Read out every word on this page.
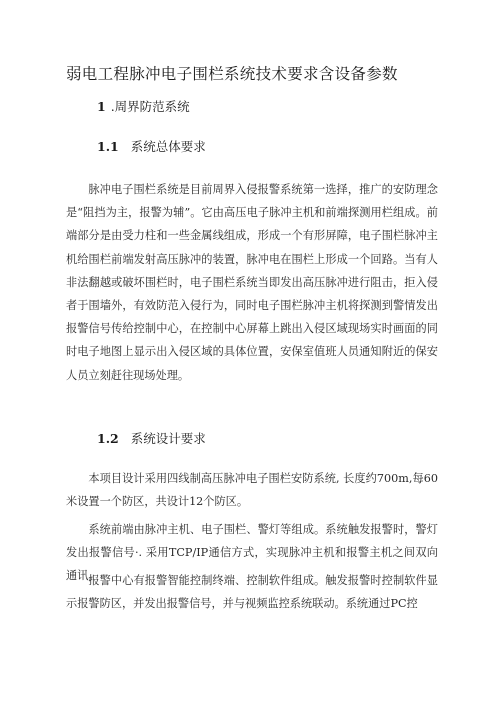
弱电工程脉冲电子围栏系统技术要求含设备参数
1 .周界防范系统
1.1 系统总体要求

脉冲电子围栏系统是目前周界入侵报警系统第一选择，推广的安防理念是“阻挡为主，报警为辅”。它由高压电子脉冲主机和前端探测用栏组成。前端部分是由受力柱和一些金属线组成，形成一个有形屏障，电子围栏脉冲主机给围栏前端发射高压脉冲的装置，脉冲电在围栏上形成一个回路。当有人非法翻越或破坏围栏时，电子围栏系统当即发出高压脉冲进行阻击，拒入侵者于围墙外，有效防范入侵行为，同时电子围栏脉冲主机将探测到警情发出报警信号传给控制中心，在控制中心屏幕上跳出入侵区域现场实时画面的同时电子地图上显示出入侵区域的具体位置，安保室值班人员通知附近的保安人员立刻赶往现场处理。

1.2 系统设计要求

本项目设计采用四线制高压脉冲电子围栏安防系统, 长度约700m,每60米设置一个防区，共设计12个防区。

系统前端由脉冲主机、电子围栏、警灯等组成。系统触发报警时，警灯发出报警信号·. 采用TCP/IP通信方式，实现脉冲主机和报警主机之间双向通讯。

报警中心有报警智能控制终端、控制软件组成。触发报警时控制软件显示报警防区，并发出报警信号，并与视频监控系统联动。系统通过PC控
